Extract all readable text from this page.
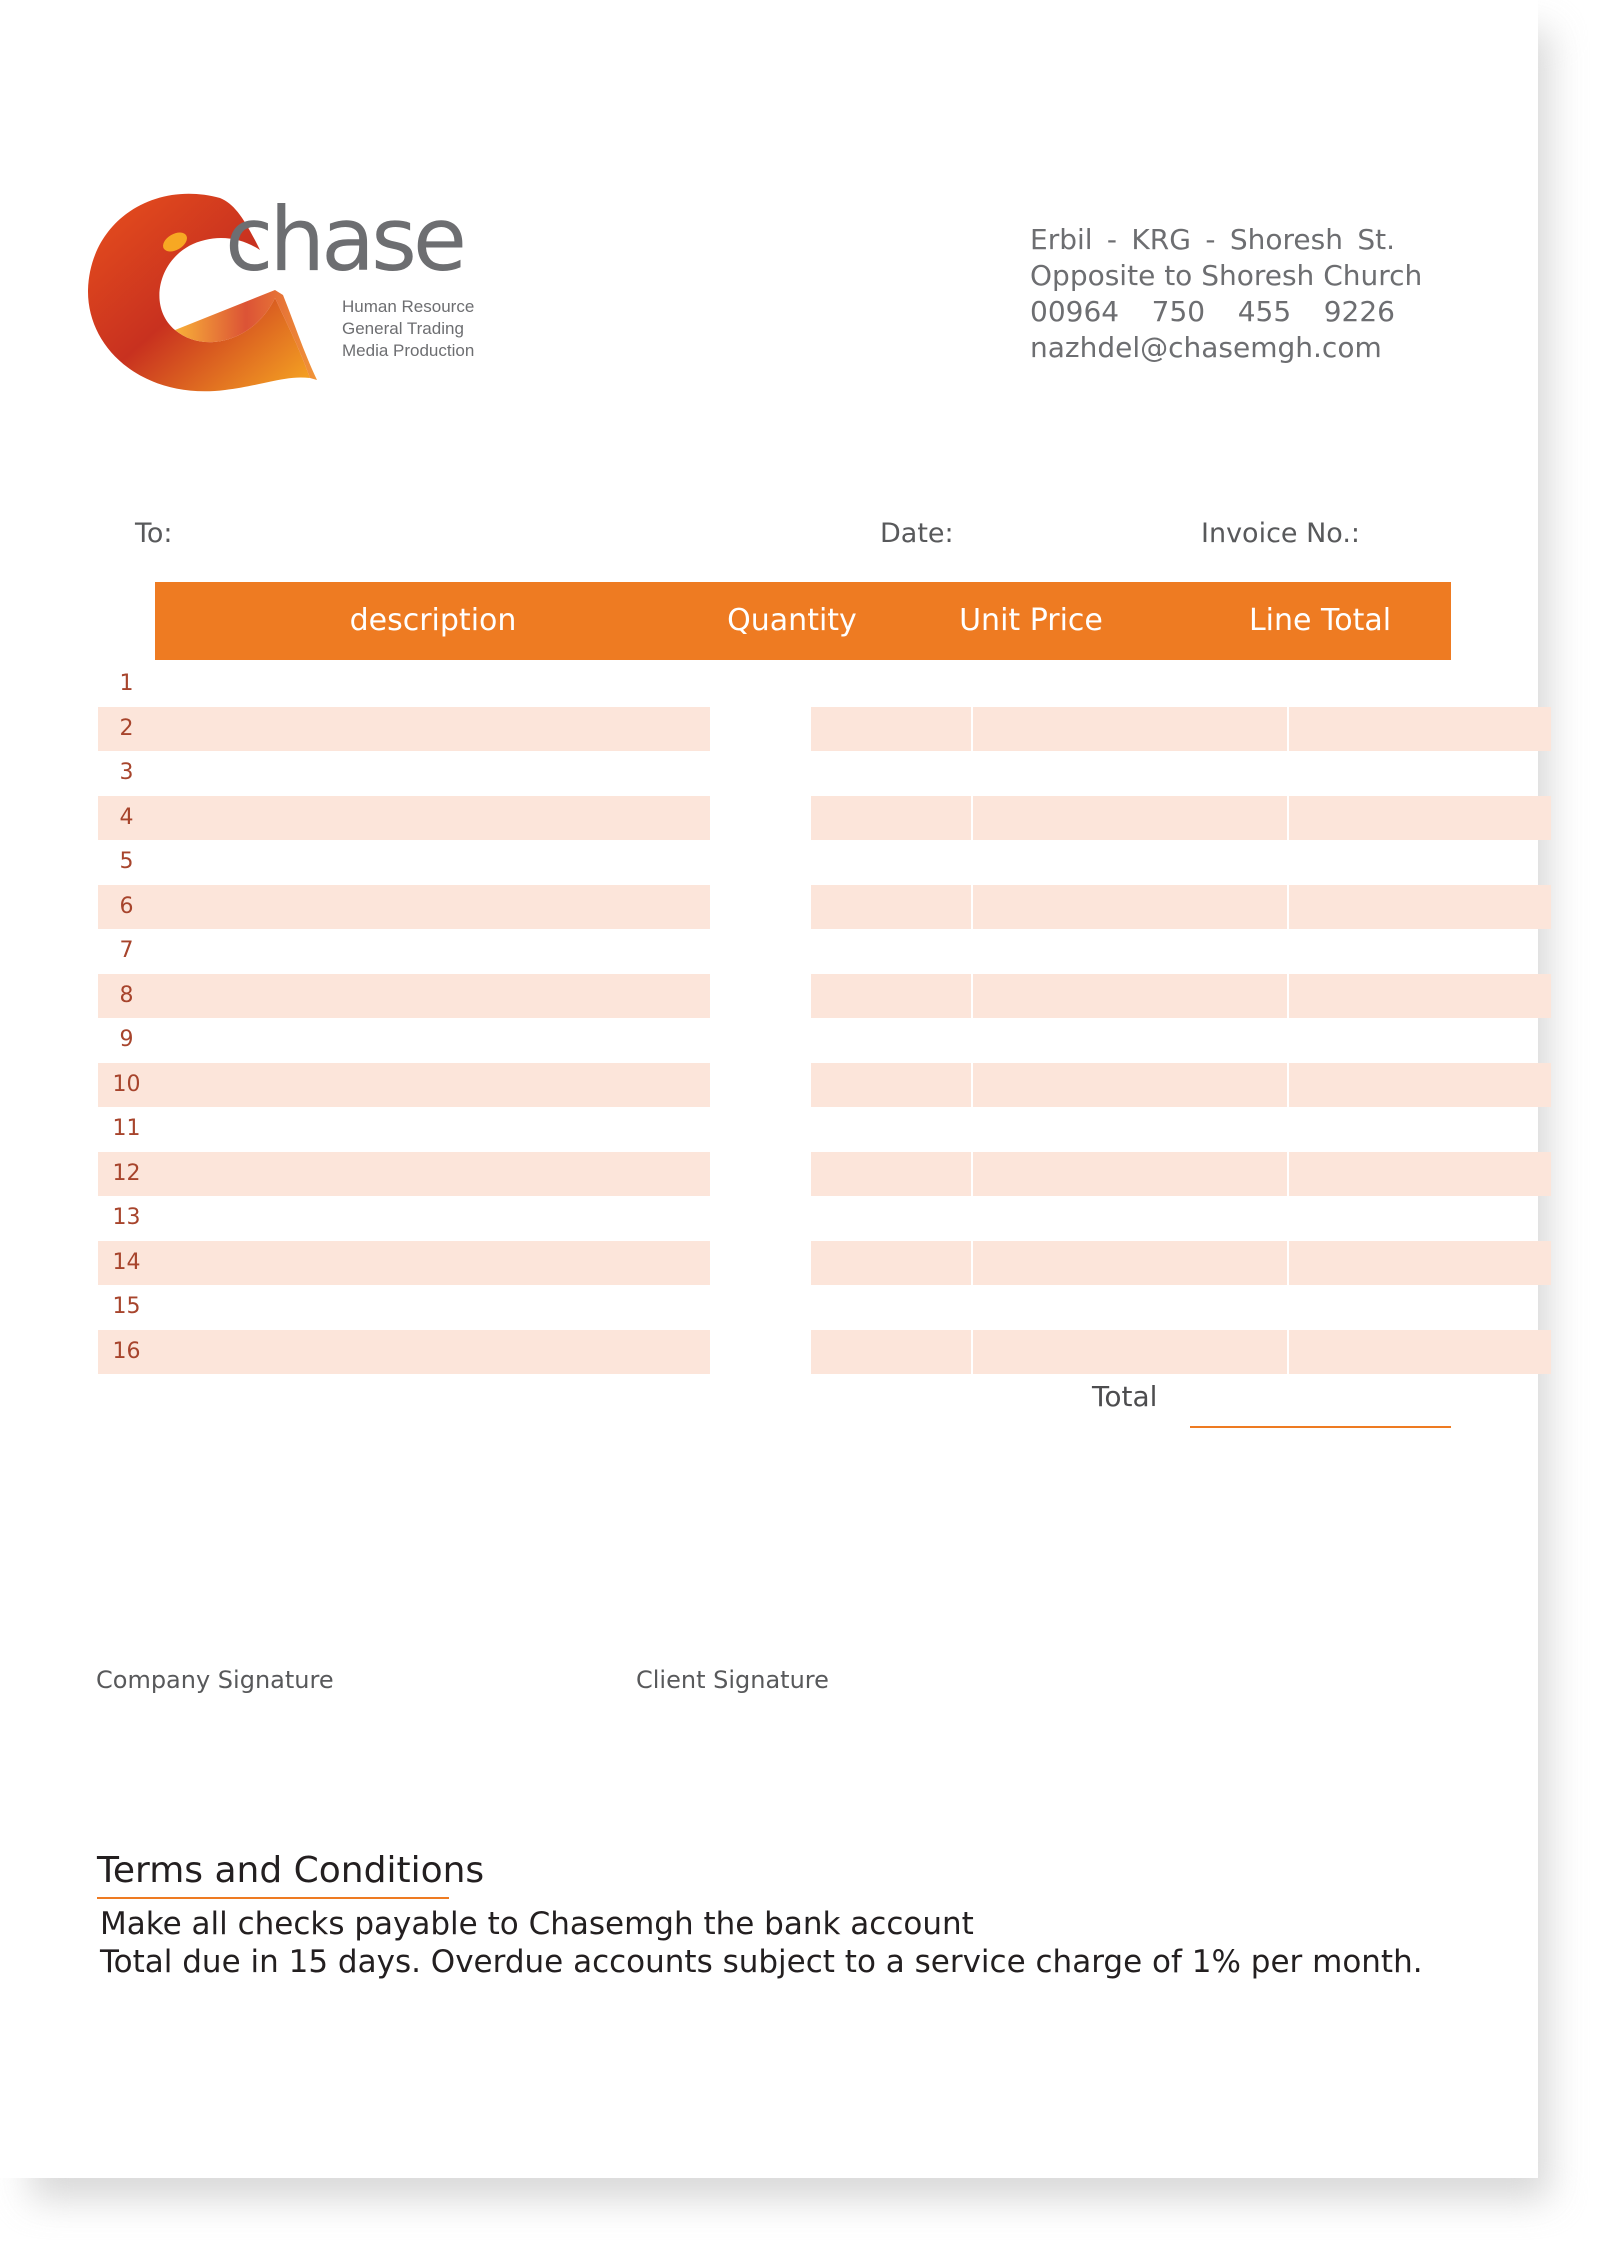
chase
Human Resource
General Trading
Media Production
Erbil - KRG - Shoresh St.
Opposite to Shoresh Church
00964 750 455 9226
nazhdel@chasemgh.com
To:	Date:	Invoice No.:
description	Quantity	Unit Price	Line Total
1
2
3
4
5
6
7
8
9
10
11
12
13
14
15
16
Total
Company Signature	Client Signature
Terms and Conditions
Make all checks payable to Chasemgh the bank account
Total due in 15 days. Overdue accounts subject to a service charge of 1% per month.
